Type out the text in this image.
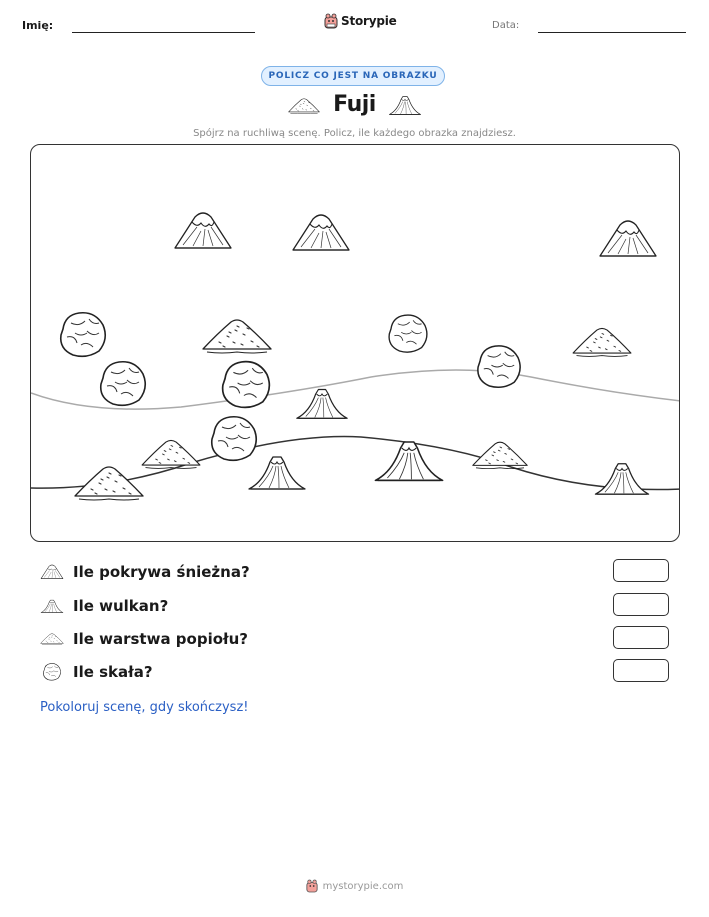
Imię:	Storypie	Data:
POLICZ CO JEST NA OBRAZKU
Fuji
Spójrz na ruchliwą scenę. Policz, ile każdego obrazka znajdziesz.
Ile pokrywa śnieżna?
Ile wulkan?
Ile warstwa popiołu?
Ile skała?
Pokoloruj scenę, gdy skończysz!
mystorypie.com
